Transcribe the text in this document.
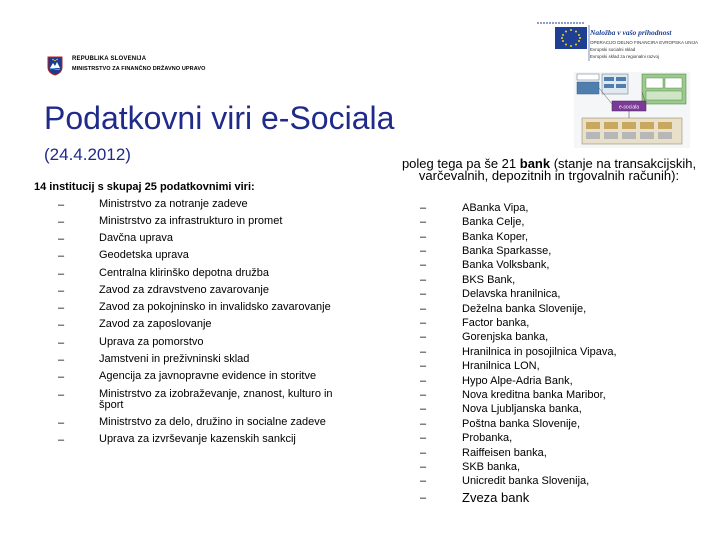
REPUBLIKA SLOVENIJA
MINISTRSTVO ZA FINANČNO DRŽAVNO UPRAVO
Naložba v vašo prihodnost
OPERACIJO DELNO FINANCIRA EVROPSKA UNIJA
Evropski socialni sklad
Evropski sklad za regionalni razvoj
e-sociala
Podatkovni viri e-Sociala
(24.4.2012)
14 institucij s skupaj 25 podatkovnimi viri:
–	Ministrstvo za notranje zadeve
–	Ministrstvo za infrastrukturo in promet
–	Davčna uprava
–	Geodetska uprava
–	Centralna klirinško depotna družba
–	Zavod za zdravstveno zavarovanje
–	Zavod za pokojninsko in invalidsko zavarovanje
–	Zavod za zaposlovanje
–	Uprava za pomorstvo
–	Jamstveni in preživninski sklad
–	Agencija za javnopravne evidence in storitve
–	Ministrstvo za izobraževanje, znanost, kulturo in šport
–	Ministrstvo za delo, družino in socialne zadeve
–	Uprava za izvrševanje kazenskih sankcij
poleg tega pa še 21 bank (stanje na transakcijskih, varčevalnih, depozitnih in trgovalnih računih):
–	ABanka Vipa,
–	Banka Celje,
–	Banka Koper,
–	Banka Sparkasse,
–	Banka Volksbank,
–	BKS Bank,
–	Delavska hranilnica,
–	Deželna banka Slovenije,
–	Factor banka,
–	Gorenjska banka,
–	Hranilnica in posojilnica Vipava,
–	Hranilnica LON,
–	Hypo Alpe-Adria Bank,
–	Nova kreditna banka Maribor,
–	Nova Ljubljanska banka,
–	Poštna banka Slovenije,
–	Probanka,
–	Raiffeisen banka,
–	SKB banka,
–	Unicredit banka Slovenija,
–	Zveza bank
